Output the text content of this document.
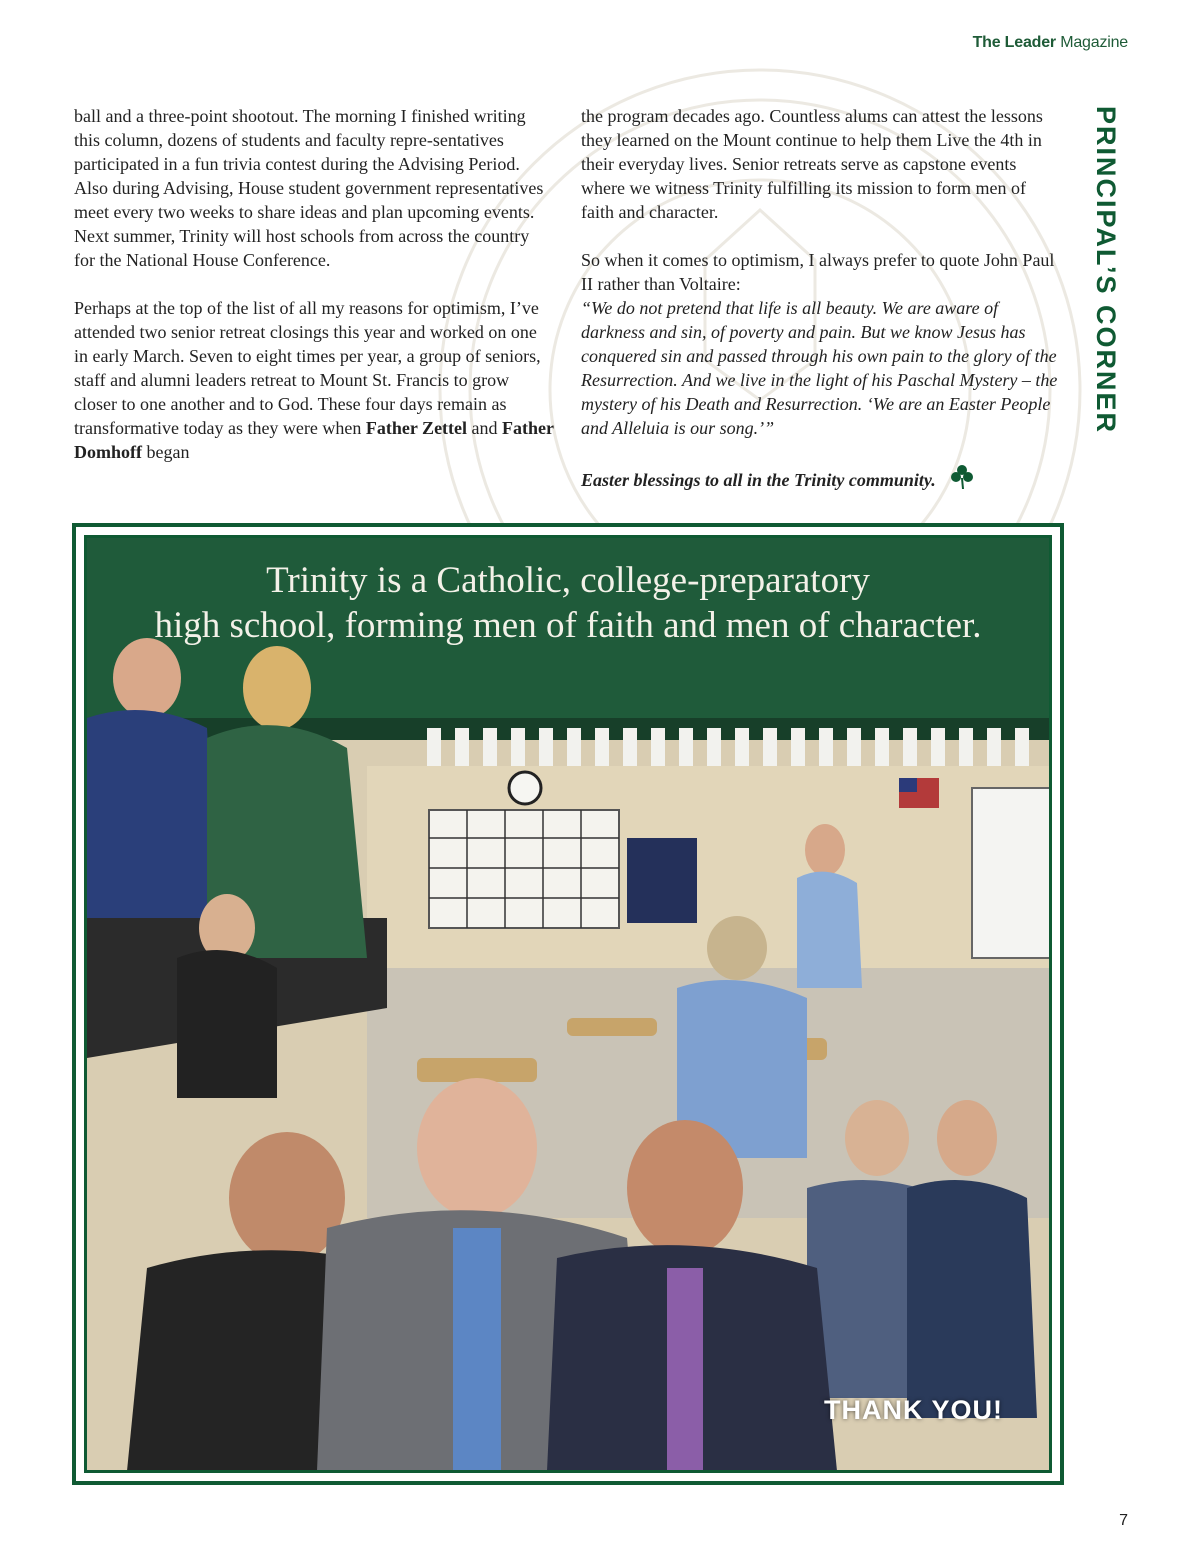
The Leader Magazine
PRINCIPAL’S CORNER

ball and a three-point shootout. The morning I finished writing this column, dozens of students and faculty repre-sentatives participated in a fun trivia contest during the Advising Period. Also during Advising, House student government representatives meet every two weeks to share ideas and plan upcoming events. Next summer, Trinity will host schools from across the country for the National House Conference.

Perhaps at the top of the list of all my reasons for optimism, I’ve attended two senior retreat closings this year and worked on one in early March. Seven to eight times per year, a group of seniors, staff and alumni leaders retreat to Mount St. Francis to grow closer to one another and to God. These four days remain as transformative today as they were when Father Zettel and Father Domhoff began

the program decades ago. Countless alums can attest the lessons they learned on the Mount continue to help them Live the 4th in their everyday lives. Senior retreats serve as capstone events where we witness Trinity fulfilling its mission to form men of faith and character.

So when it comes to optimism, I always prefer to quote John Paul II rather than Voltaire:
“We do not pretend that life is all beauty. We are aware of darkness and sin, of poverty and pain. But we know Jesus has conquered sin and passed through his own pain to the glory of the Resurrection. And we live in the light of his Paschal Mystery – the mystery of his Death and Resurrection. ‘We are an Easter People and Alleluia is our song.’”

Easter blessings to all in the Trinity community.

Trinity is a Catholic, college-preparatory
high school, forming men of faith and men of character.
THANK YOU!
7
